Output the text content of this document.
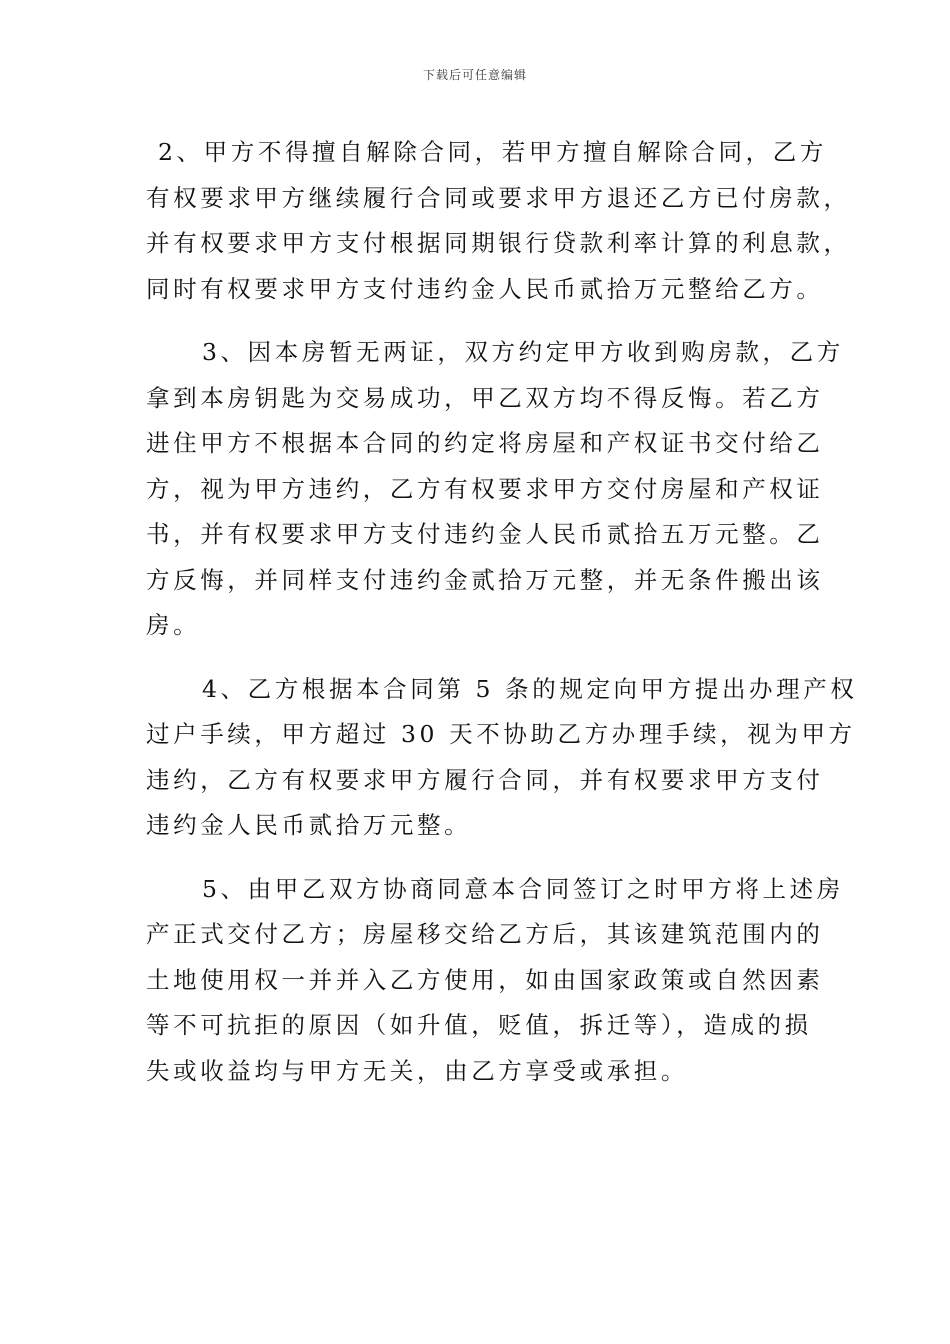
下载后可任意编辑

2、甲方不得擅自解除合同，若甲方擅自解除合同，乙方
有权要求甲方继续履行合同或要求甲方退还乙方已付房款，
并有权要求甲方支付根据同期银行贷款利率计算的利息款，
同时有权要求甲方支付违约金人民币贰拾万元整给乙方。

3、因本房暂无两证，双方约定甲方收到购房款，乙方
拿到本房钥匙为交易成功，甲乙双方均不得反悔。若乙方
进住甲方不根据本合同的约定将房屋和产权证书交付给乙
方，视为甲方违约，乙方有权要求甲方交付房屋和产权证
书，并有权要求甲方支付违约金人民币贰拾五万元整。乙
方反悔，并同样支付违约金贰拾万元整，并无条件搬出该
房。

4、乙方根据本合同第 5 条的规定向甲方提出办理产权
过户手续，甲方超过 30 天不协助乙方办理手续，视为甲方
违约，乙方有权要求甲方履行合同，并有权要求甲方支付
违约金人民币贰拾万元整。

5、由甲乙双方协商同意本合同签订之时甲方将上述房
产正式交付乙方；房屋移交给乙方后，其该建筑范围内的
土地使用权一并并入乙方使用，如由国家政策或自然因素
等不可抗拒的原因（如升值，贬值，拆迁等），造成的损
失或收益均与甲方无关，由乙方享受或承担。
